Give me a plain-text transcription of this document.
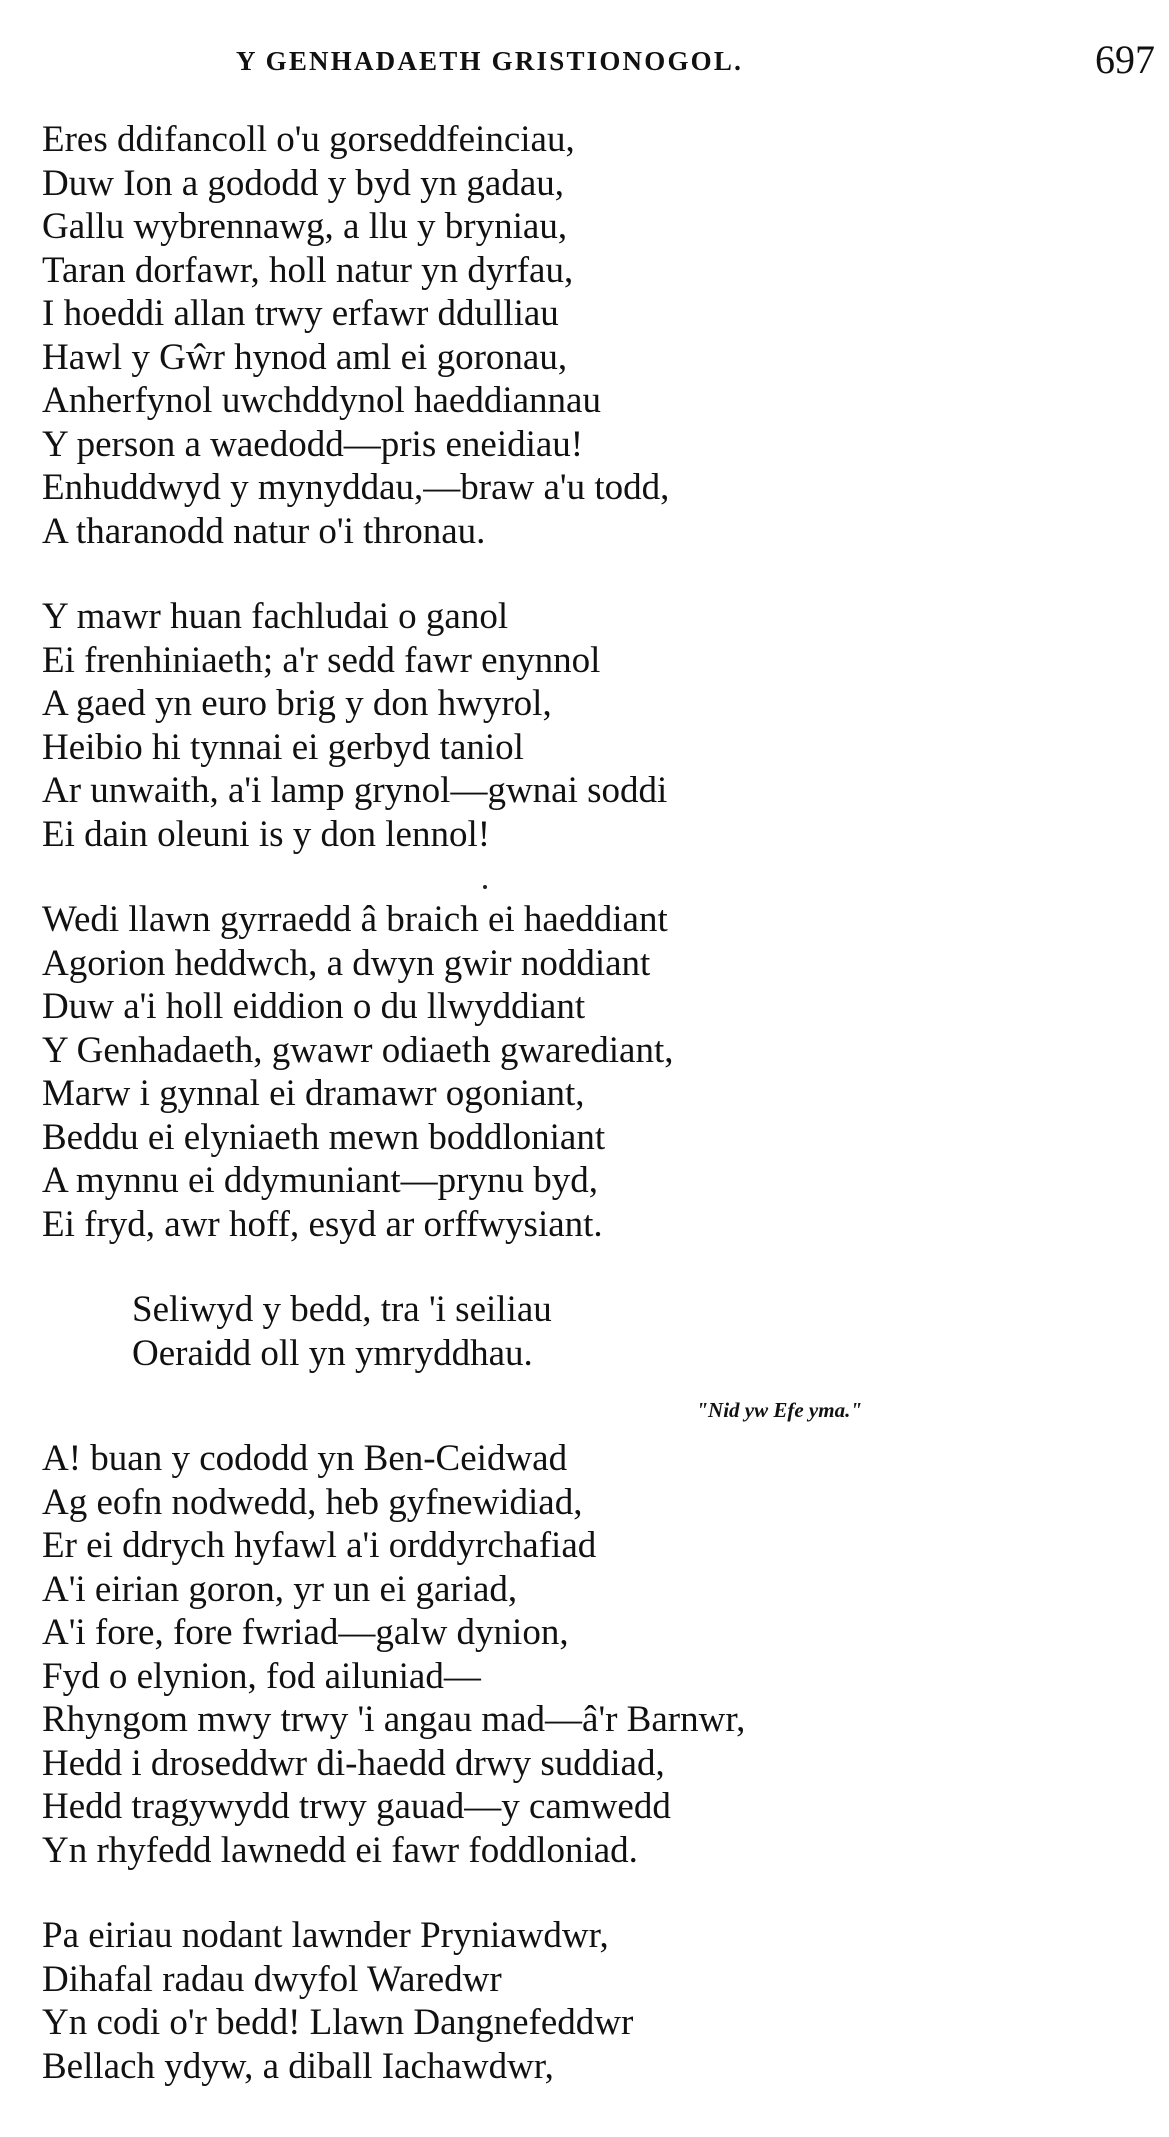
Y GENHADAETH GRISTIONOGOL.	697
Eres ddifancoll o'u gorseddfeinciau,
Duw Ion a gododd y byd yn gadau,
Gallu wybrennawg, a llu y bryniau,
Taran dorfawr, holl natur yn dyrfau,
I hoeddi allan trwy erfawr ddulliau
Hawl y Gŵr hynod aml ei goronau,
Anherfynol uwchddynol haeddiannau
Y person a waedodd—pris eneidiau!
Enhuddwyd y mynyddau,—braw a'u todd,
A tharanodd natur o'i thronau.
Y mawr huan fachludai o ganol
Ei frenhiniaeth; a'r sedd fawr enynnol
A gaed yn euro brig y don hwyrol,
Heibio hi tynnai ei gerbyd taniol
Ar unwaith, a'i lamp grynol—gwnai soddi
Ei dain oleuni is y don lennol!
Wedi llawn gyrraedd â braich ei haeddiant
Agorion heddwch, a dwyn gwir noddiant
Duw a'i holl eiddion o du llwyddiant
Y Genhadaeth, gwawr odiaeth gwarediant,
Marw i gynnal ei dramawr ogoniant,
Beddu ei elyniaeth mewn boddloniant
A mynnu ei ddymuniant—prynu byd,
Ei fryd, awr hoff, esyd ar orffwysiant.
Seliwyd y bedd, tra 'i seiliau
Oeraidd oll yn ymryddhau.
"Nid yw Efe yma."
A! buan y cododd yn Ben-Ceidwad
Ag eofn nodwedd, heb gyfnewidiad,
Er ei ddrych hyfawl a'i orddyrchafiad
A'i eirian goron, yr un ei gariad,
A'i fore, fore fwriad—galw dynion,
Fyd o elynion, fod ailuniad—
Rhyngom mwy trwy 'i angau mad—â'r Barnwr,
Hedd i droseddwr di-haedd drwy suddiad,
Hedd tragywydd trwy gauad—y camwedd
Yn rhyfedd lawnedd ei fawr foddloniad.
Pa eiriau nodant lawnder Pryniawdwr,
Dihafal radau dwyfol Waredwr
Yn codi o'r bedd! Llawn Dangnefeddwr
Bellach ydyw, a diball Iachawdwr,
